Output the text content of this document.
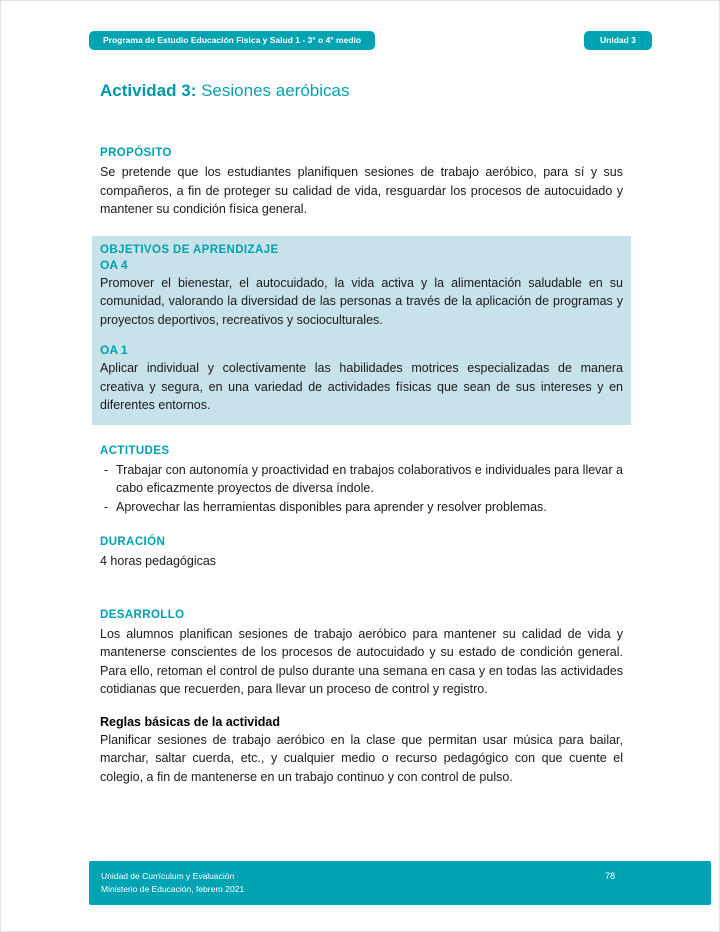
Programa de Estudio Educación Física y Salud 1 - 3° o 4° medio	Unidad 3
Actividad 3: Sesiones aeróbicas
PROPÓSITO

Se pretende que los estudiantes planifiquen sesiones de trabajo aeróbico, para sí y sus compañeros, a fin de proteger su calidad de vida, resguardar los procesos de autocuidado y mantener su condición física general.

OBJETIVOS DE APRENDIZAJE
OA 4

Promover el bienestar, el autocuidado, la vida activa y la alimentación saludable en su comunidad, valorando la diversidad de las personas a través de la aplicación de programas y proyectos deportivos, recreativos y socioculturales.

OA 1

Aplicar individual y colectivamente las habilidades motrices especializadas de manera creativa y segura, en una variedad de actividades físicas que sean de sus intereses y en diferentes entornos.

ACTITUDES
- Trabajar con autonomía y proactividad en trabajos colaborativos e individuales para llevar a cabo eficazmente proyectos de diversa índole.
- Aprovechar las herramientas disponibles para aprender y resolver problemas.
DURACIÓN

4 horas pedagógicas

DESARROLLO

Los alumnos planifican sesiones de trabajo aeróbico para mantener su calidad de vida y mantenerse conscientes de los procesos de autocuidado y su estado de condición general. Para ello, retoman el control de pulso durante una semana en casa y en todas las actividades cotidianas que recuerden, para llevar un proceso de control y registro.

Reglas básicas de la actividad

Planificar sesiones de trabajo aeróbico en la clase que permitan usar música para bailar, marchar, saltar cuerda, etc., y cualquier medio o recurso pedagógico con que cuente el colegio, a fin de mantenerse en un trabajo continuo y con control de pulso.

Unidad de Currículum y Evaluación
Ministerio de Educación, febrero 2021
78
